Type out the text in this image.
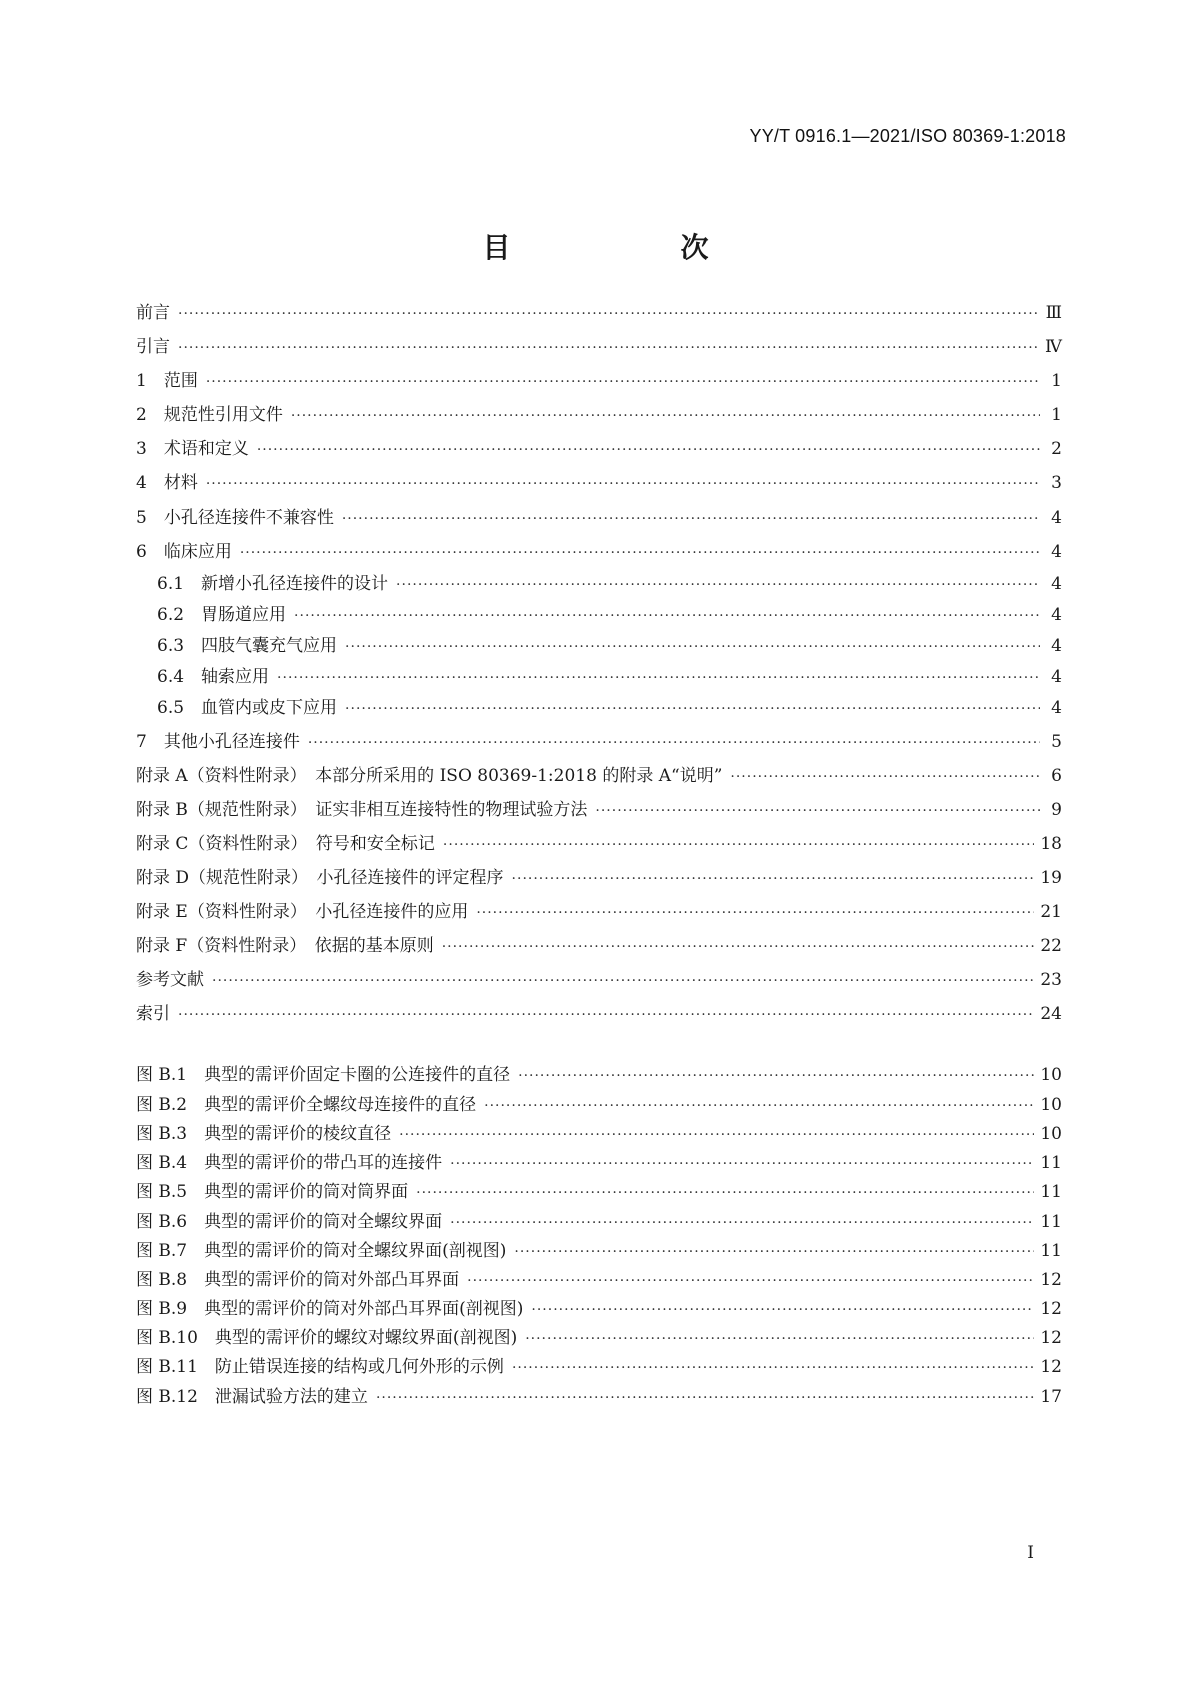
YY/T 0916.1—2021/ISO 80369-1:2018
目　　次
前言 ·····	Ⅲ
引言 ·····	Ⅳ
1　范围 ·····	1
2　规范性引用文件 ·····	1
3　术语和定义 ·····	2
4　材料 ·····	3
5　小孔径连接件不兼容性 ·····	4
6　临床应用 ·····	4
6.1　新增小孔径连接件的设计 ·····	4
6.2　胃肠道应用 ·····	4
6.3　四肢气囊充气应用 ·····	4
6.4　轴索应用 ·····	4
6.5　血管内或皮下应用 ·····	4
7　其他小孔径连接件 ·····	5
附录 A（资料性附录）　本部分所采用的 ISO 80369-1:2018 的附录 A“说明” ·····	6
附录 B（规范性附录）　证实非相互连接特性的物理试验方法 ·····	9
附录 C（资料性附录）　符号和安全标记 ·····	18
附录 D（规范性附录）　小孔径连接件的评定程序 ·····	19
附录 E（资料性附录）　小孔径连接件的应用 ·····	21
附录 F（资料性附录）　依据的基本原则 ·····	22
参考文献 ·····	23
索引 ·····	24
图 B.1　典型的需评价固定卡圈的公连接件的直径 ·····	10
图 B.2　典型的需评价全螺纹母连接件的直径 ·····	10
图 B.3　典型的需评价的棱纹直径 ·····	10
图 B.4　典型的需评价的带凸耳的连接件 ·····	11
图 B.5　典型的需评价的筒对筒界面 ·····	11
图 B.6　典型的需评价的筒对全螺纹界面 ·····	11
图 B.7　典型的需评价的筒对全螺纹界面(剖视图) ·····	11
图 B.8　典型的需评价的筒对外部凸耳界面 ·····	12
图 B.9　典型的需评价的筒对外部凸耳界面(剖视图) ·····	12
图 B.10　典型的需评价的螺纹对螺纹界面(剖视图) ·····	12
图 B.11　防止错误连接的结构或几何外形的示例 ·····	12
图 B.12　泄漏试验方法的建立 ·····	17
I
